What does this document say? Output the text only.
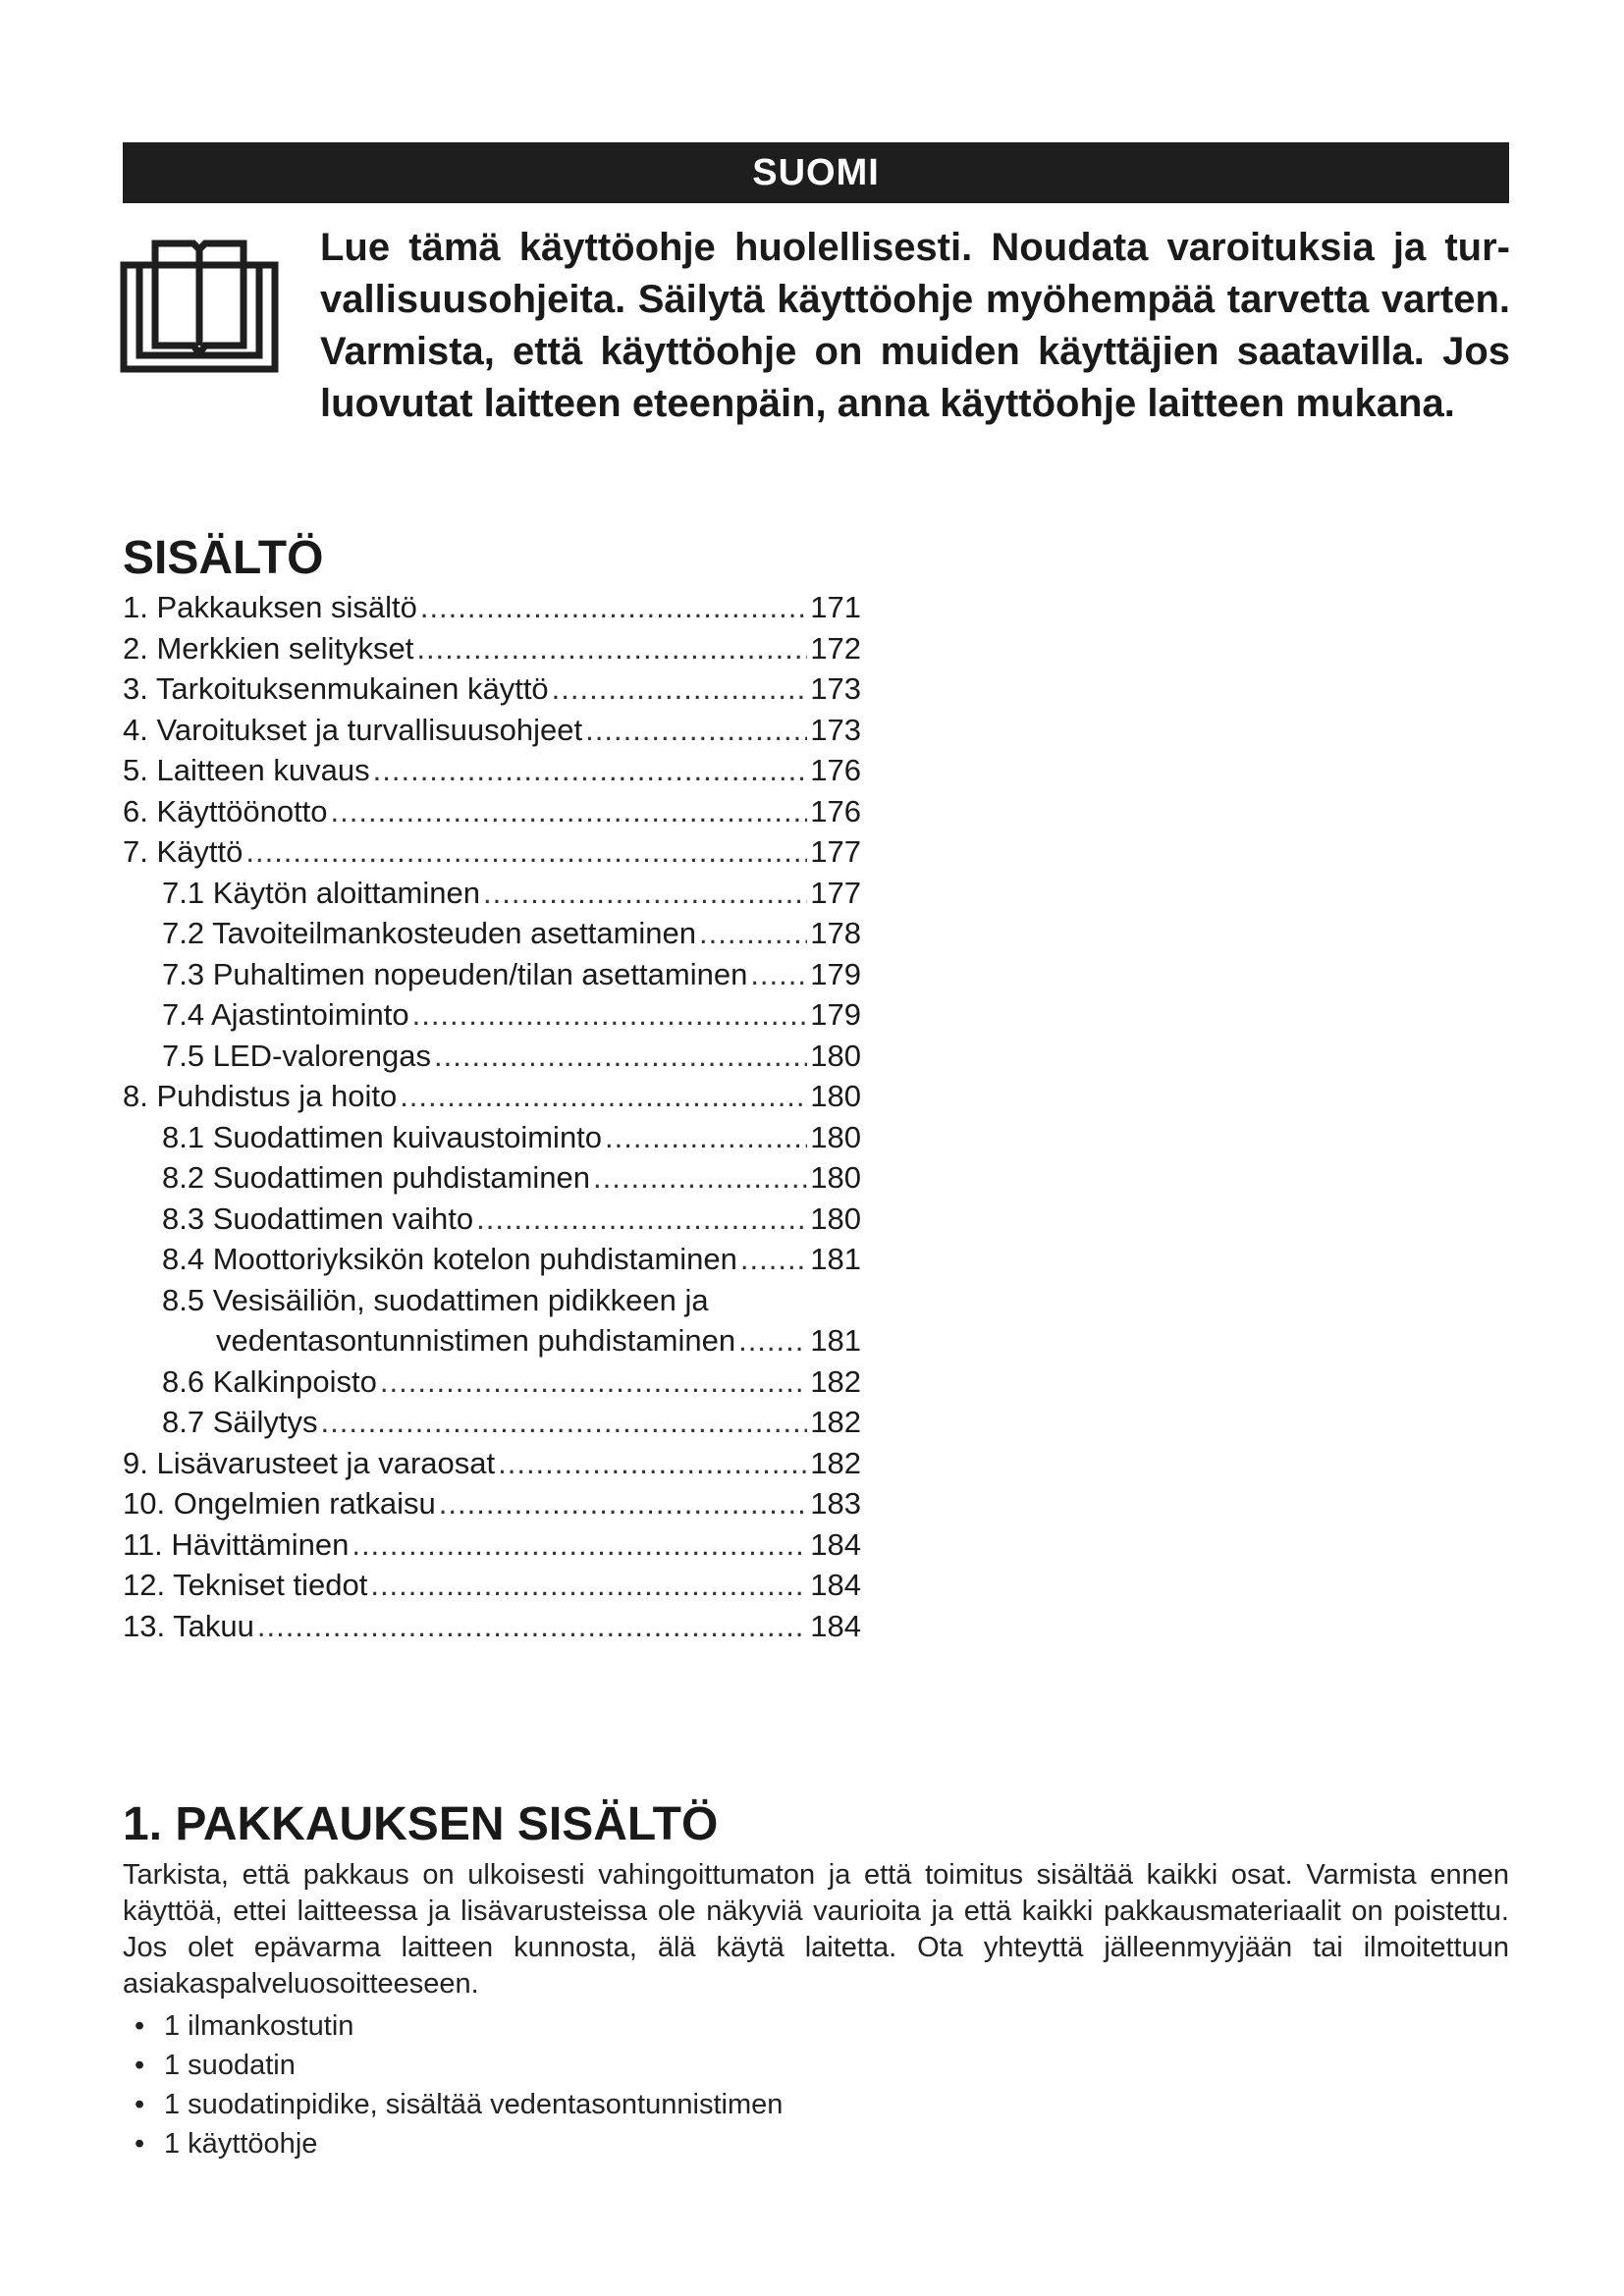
SUOMI

Lue tämä käyttöohje huolellisesti. Noudata varoituksia ja tur-
vallisuusohjeita. Säilytä käyttöohje myöhempää tarvetta varten.
Varmista, että käyttöohje on muiden käyttäjien saatavilla. Jos
luovutat laitteen eteenpäin, anna käyttöohje laitteen mukana.

SISÄLTÖ
1. Pakkauksen sisältö .....	171
2. Merkkien selitykset .....	172
3. Tarkoituksenmukainen käyttö .....	173
4. Varoitukset ja turvallisuusohjeet .....	173
5. Laitteen kuvaus .....	176
6. Käyttöönotto .....	176
7. Käyttö .....	177
7.1 Käytön aloittaminen .....	177
7.2 Tavoiteilmankosteuden asettaminen .....	178
7.3 Puhaltimen nopeuden/tilan asettaminen ..... 179
7.4 Ajastintoiminto .....	179
7.5 LED-valorengas .....	180
8. Puhdistus ja hoito .....	180
8.1 Suodattimen kuivaustoiminto .....	180
8.2 Suodattimen puhdistaminen .....	180
8.3 Suodattimen vaihto .....	180
8.4 Moottoriyksikön kotelon puhdistaminen ..... 181
8.5 Vesisäiliön, suodattimen pidikkeen ja
vedentasontunnistimen puhdistaminen ..... 181
8.6 Kalkinpoisto .....	182
8.7 Säilytys .....	182
9. Lisävarusteet ja varaosat .....	182
10. Ongelmien ratkaisu .....	183
11. Hävittäminen .....	184
12. Tekniset tiedot .....	184
13. Takuu .....	184
1. PAKKAUKSEN SISÄLTÖ

Tarkista, että pakkaus on ulkoisesti vahingoittumaton ja että toimitus sisältää kaikki osat. Varmista ennen käyttöä, ettei laitteessa ja lisävarusteissa ole näkyviä vaurioita ja että kaikki pakkausmateriaalit on poistettu. Jos olet epävarma laitteen kunnosta, älä käytä laitetta. Ota yhteyttä jälleenmyyjään tai ilmoitettuun asiakaspalveluosoitteeseen.

• 1 ilmankostutin
• 1 suodatin
• 1 suodatinpidike, sisältää vedentasontunnistimen
• 1 käyttöohje
